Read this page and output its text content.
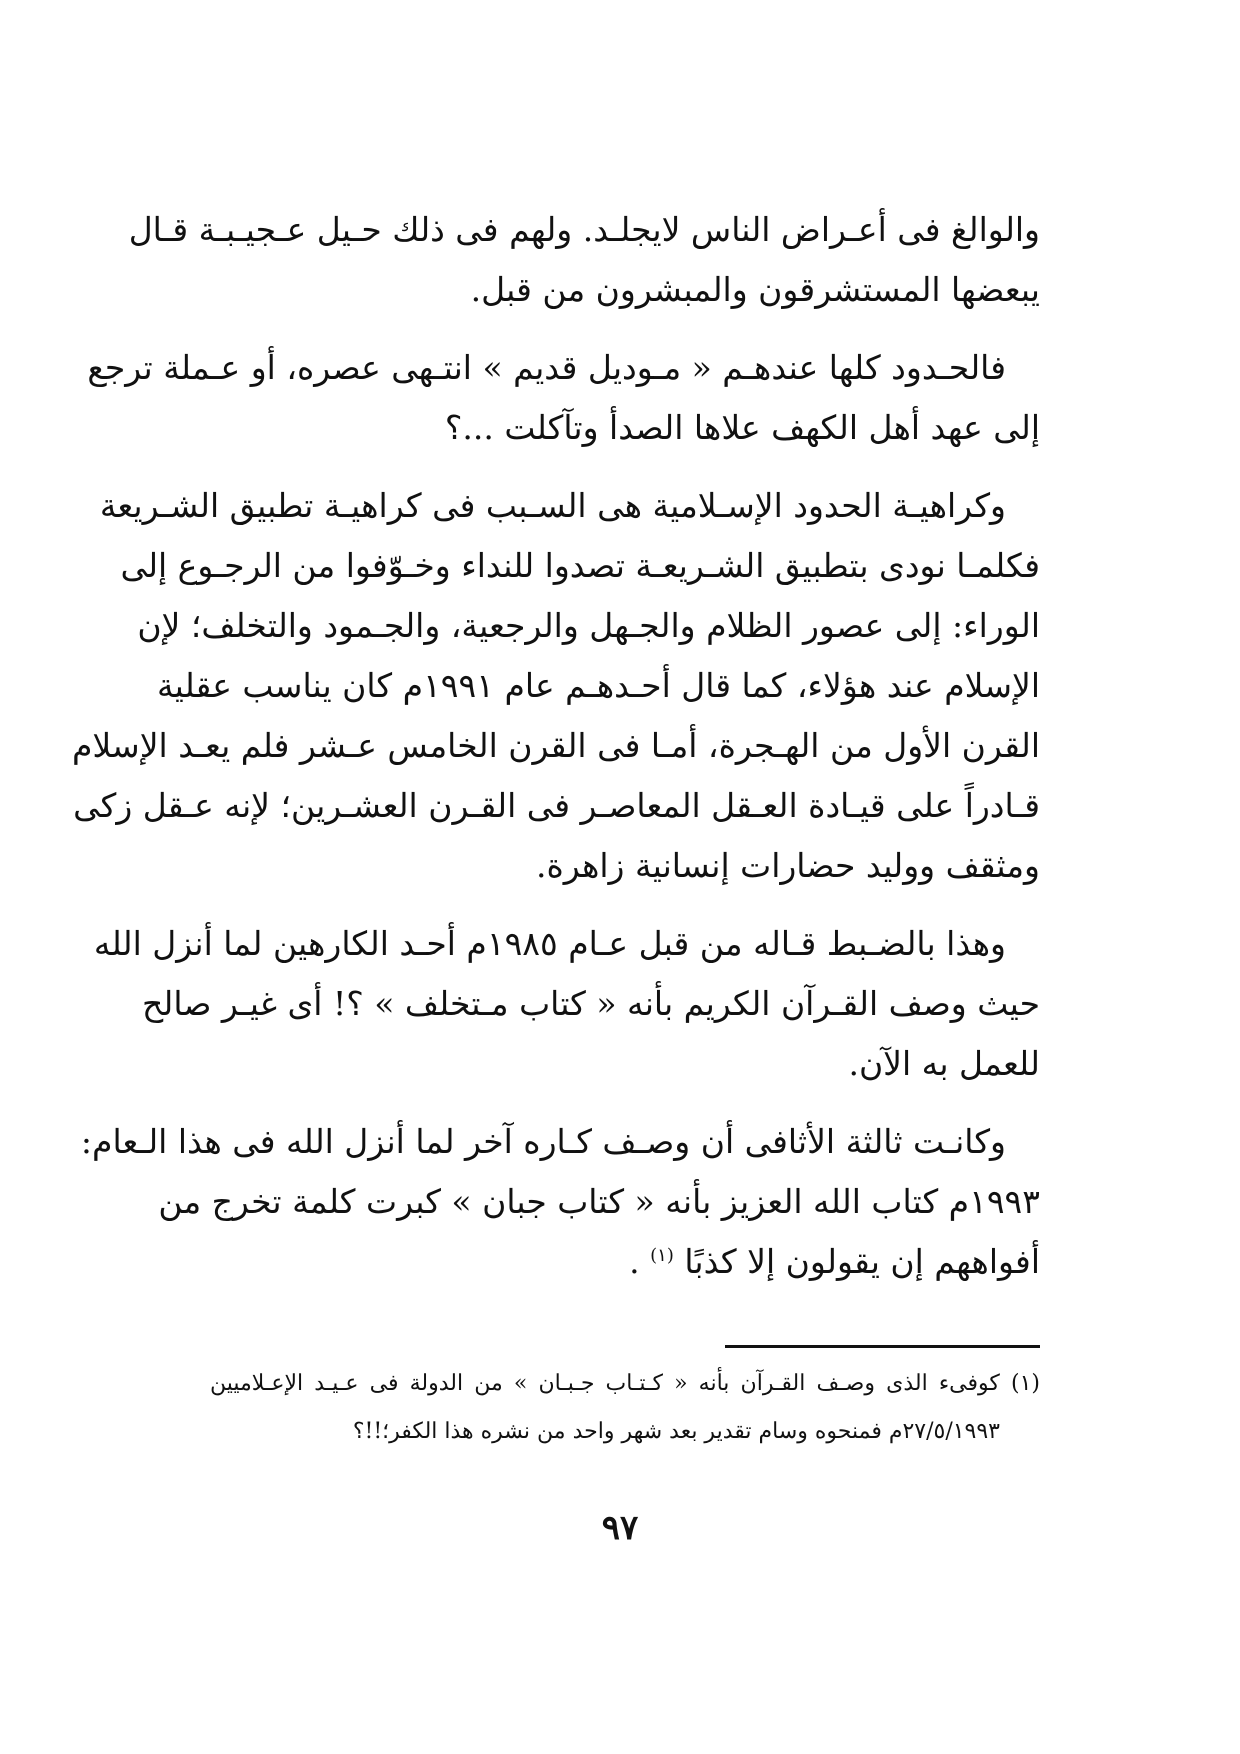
والوالغ فى أعـراض الناس لايجلـد. ولهم فى ذلك حـيل عـجيـبـة قـال
يبعضها المستشرقون والمبشرون من قبل.
فالحـدود كلها عندهـم « مـوديل قديم » انتـهى عصره، أو عـملة ترجع
إلى عهد أهل الكهف علاها الصدأ وتآكلت ...؟
وكراهيـة الحدود الإسـلامية هى السـبب فى كراهيـة تطبيق الشـريعة
فكلمـا نودى بتطبيق الشـريعـة تصدوا للنداء وخـوّفوا من الرجـوع إلى
الوراء: إلى عصور الظلام والجـهل والرجعية، والجـمود والتخلف؛ لإن
الإسلام عند هؤلاء، كما قال أحـدهـم عام ١٩٩١م كان يناسب عقلية
القرن الأول من الهـجرة، أمـا فى القرن الخامس عـشر فلم يعـد الإسلام
قـادراً على قيـادة العـقل المعاصـر فى القـرن العشـرين؛ لإنه عـقل زكى
ومثقف ووليد حضارات إنسانية زاهرة.
وهذا بالضـبط قـاله من قبل عـام ١٩٨٥م أحـد الكارهين لما أنزل الله
حيث وصف القـرآن الكريم بأنه « كتاب مـتخلف » ؟! أى غيـر صالح
للعمل به الآن.
وكانـت ثالثة الأثافى أن وصـف كـاره آخر لما أنزل الله فى هذا الـعام:
١٩٩٣م كتاب الله العزيز بأنه « كتاب جبان » كبرت كلمة تخرج من
أفواههم إن يقولون إلا كذبًا $^{(١)}$ .
(١) كوفىء الذى وصـف القـرآن بأنه « كـتـاب جـبـان » من الدولة فى عـيـد الإعـلاميين
٢٧/٥/١٩٩٣م فمنحوه وسام تقدير بعد شهر واحد من نشره هذا الكفر؛!!؟
٩٧
